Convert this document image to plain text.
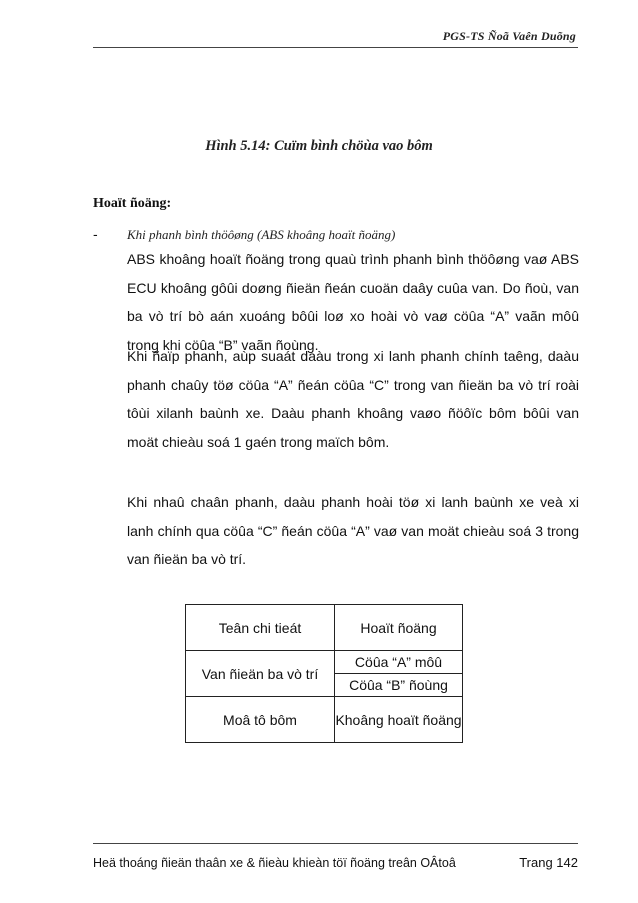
PGS-TS Ñoã Vaên Duõng
Hình 5.14: Cuïm bình chöùa vao bôm
Hoaït ñoäng:
- Khi phanh bình thöôøng (ABS khoâng hoaït ñoäng)

ABS khoâng hoaït ñoäng trong quaù trình phanh bình thöôøng vaø ABS ECU khoâng gôûi doøng ñieän ñeán cuoän daây cuûa van. Do ñoù, van ba vò trí bò aán xuoáng bôûi loø xo hoài vò vaø cöûa “A” vaãn môû trong khi cöûa “B” vaãn ñoùng.

Khi ñaïp phanh, aùp suaát daàu trong xi lanh phanh chính taêng, daàu phanh chaûy töø cöûa “A” ñeán cöûa “C” trong van ñieän ba vò trí roài tôùi xilanh baùnh xe. Daàu phanh khoâng vaøo ñöôïc bôm bôûi van moät chieàu soá 1 gaén trong maïch bôm.

Khi nhaû chaân phanh, daàu phanh hoài töø xi lanh baùnh xe veà xi lanh chính qua cöûa “C” ñeán cöûa “A” vaø van moät chieàu soá 3 trong van ñieän ba vò trí.

Teân chi tieát	Hoaït ñoäng
Van ñieän ba vò trí	Cöûa “A” môû
	Cöûa “B” ñoùng
Moâ tô bôm	Khoâng hoaït ñoäng
Heä thoáng ñieän thaân xe & ñieàu khieàn töï ñoäng treân OÂtoâ	Trang 142
